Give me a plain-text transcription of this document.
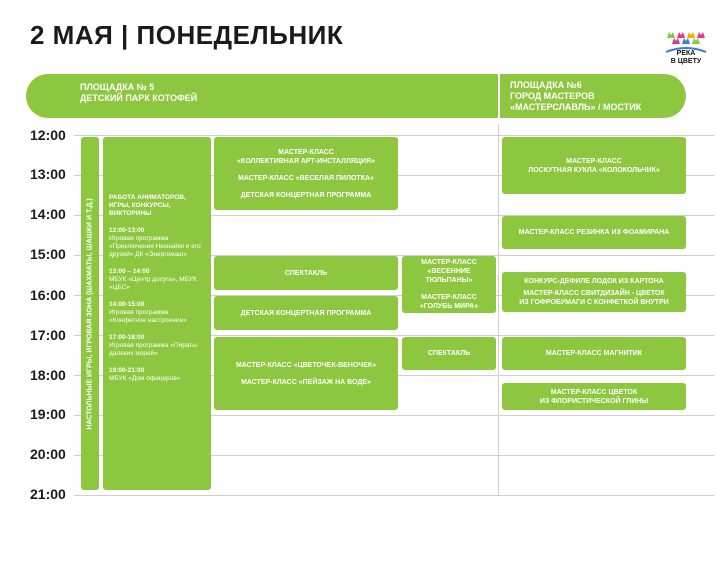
2 МАЯ | ПОНЕДЕЛЬНИК
РЕКА
В ЦВЕТУ
ПЛОЩАДКА № 5
ДЕТСКИЙ ПАРК КОТОФЕЙ
ПЛОЩАДКА №6
ГОРОД МАСТЕРОВ
«МАСТЕРСЛАВЛЬ» / МОСТИК
12:00
13:00
14:00
15:00
16:00
17:00
18:00
19:00
20:00
21:00
НАСТОЛЬНЫЕ ИГРЫ, ИГРОВАЯ ЗОНА (ШАХМАТЫ, ШАШКИ И Т.Д.)
РАБОТА АНИМАТОРОВ, ИГРЫ, КОНКУРСЫ, ВИКТОРИНЫ
12:00-13:00
Игровая программа «Приключения Незнайки и его друзей» ДК «Энергомаш»
13:00 – 14:00
МБУК «Центр досуга», МБУК «ЦБС»
14:00-15:00
Игровая программа «Конфетное настроение»
17:00-18:00
Игровая программа «Пираты далеких морей»
19:00-21:00
МБУК «Дом офицеров»
МАСТЕР-КЛАСС
«КОЛЛЕКТИВНАЯ АРТ-ИНСТАЛЛЯЦИЯ»
МАСТЕР-КЛАСС «ВЕСЕЛАЯ ПИЛОТКА»
ДЕТСКАЯ КОНЦЕРТНАЯ ПРОГРАММА
СПЕКТАКЛЬ
ДЕТСКАЯ КОНЦЕРТНАЯ ПРОГРАММА
МАСТЕР-КЛАСС «ЦВЕТОЧЕК-ВЕНОЧЕК»
МАСТЕР-КЛАСС «ПЕЙЗАЖ НА ВОДЕ»
МАСТЕР-КЛАСС
«ВЕСЕННИЕ ТЮЛЬПАНЫ»
МАСТЕР-КЛАСС
«ГОЛУБЬ МИРА»
СПЕКТАКЛЬ
МАСТЕР-КЛАСС
ЛОСКУТНАЯ КУКЛА «КОЛОКОЛЬЧИК»
МАСТЕР-КЛАСС РЕЗИНКА ИЗ ФОАМИРАНА
КОНКУРС-ДЕФИЛЕ ЛОДОК ИЗ КАРТОНА
МАСТЕР-КЛАСС СВИТДИЗАЙН - ЦВЕТОК
ИЗ ГОФРОБУМАГИ С КОНФЕТКОЙ ВНУТРИ
МАСТЕР-КЛАСС МАГНИТИК
МАСТЕР-КЛАСС ЦВЕТОК
ИЗ ФЛОРИСТИЧЕСКОЙ ГЛИНЫ
